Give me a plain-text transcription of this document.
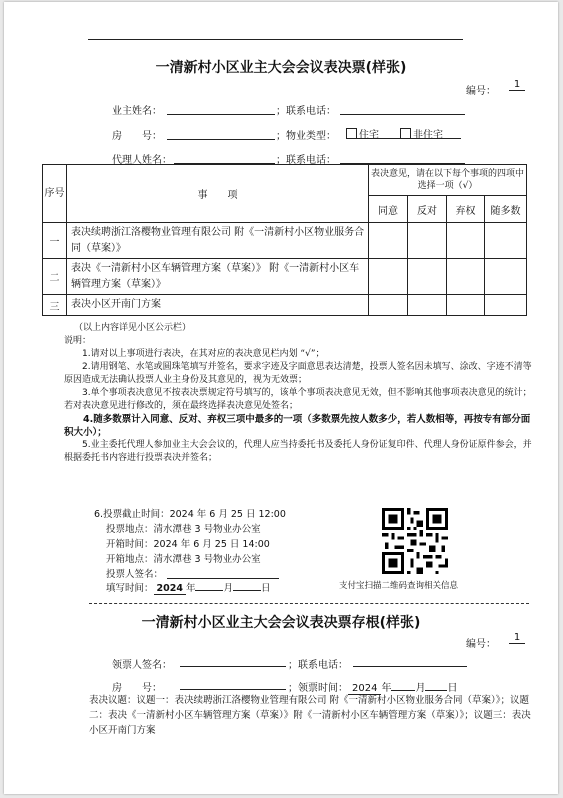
一清新村小区业主大会会议表决票(样张)
编号：
1
业主姓名：	；联系电话：
房　　号：	；物业类型：	住宅	非住宅
代理人姓名：	；联系电话：
序号	事　　项	表决意见，请在以下每个事项的四项中选择一项（√）			
		同意	反对	弃权	随多数
一	表决续聘浙江洛樱物业管理有限公司 附《一清新村小区物业服务合同（草案）》				
二	表决《一清新村小区车辆管理方案（草案）》 附《一清新村小区车辆管理方案（草案）》				
三	表决小区开南门方案				

（以上内容详见小区公示栏）

说明：

1.请对以上事项进行表决，在其对应的表决意见栏内划 “√”；

2.请用钢笔、水笔或圆珠笔填写并签名，要求字迹及字面意思表达清楚，投票人签名因未填写、涂改、字迹不清等原因造成无法确认投票人业主身份及其意见的，视为无效票；

3.单个事项表决意见不按表决票规定符号填写的，该单个事项表决意见无效，但不影响其他事项表决意见的统计；若对表决意见进行修改的，须在最终选择表决意见处签名；

4.随多数票计入同意、反对、弃权三项中最多的一项（多数票先按人数多少，若人数相等，再按专有部分面积大小）；

5.业主委托代理人参加业主大会会议的，代理人应当持委托书及委托人身份证复印件、代理人身份证原件参会，并根据委托书内容进行投票表决并签名；

6.投票截止时间：2024 年 6 月 25 日 12:00
投票地点：清水潭巷 3 号物业办公室
开箱时间：2024 年 6 月 25 日 14:00
开箱地点：清水潭巷 3 号物业办公室
投票人签名：
填写时间： 2024 年	月	日	支付宝扫描二维码查询相关信息
一清新村小区业主大会会议表决票存根(样张)
编号：
1
领票人签名：	；联系电话：
房　　号：	；领票时间： 2024 年 月 日
表决议题：议题一：表决续聘浙江洛樱物业管理有限公司 附《一清新村小区物业服务合同（草案）》；议题二：表决《一清新村小区车辆管理方案（草案）》附《一清新村小区车辆管理方案（草案）》；议题三：表决小区开南门方案
